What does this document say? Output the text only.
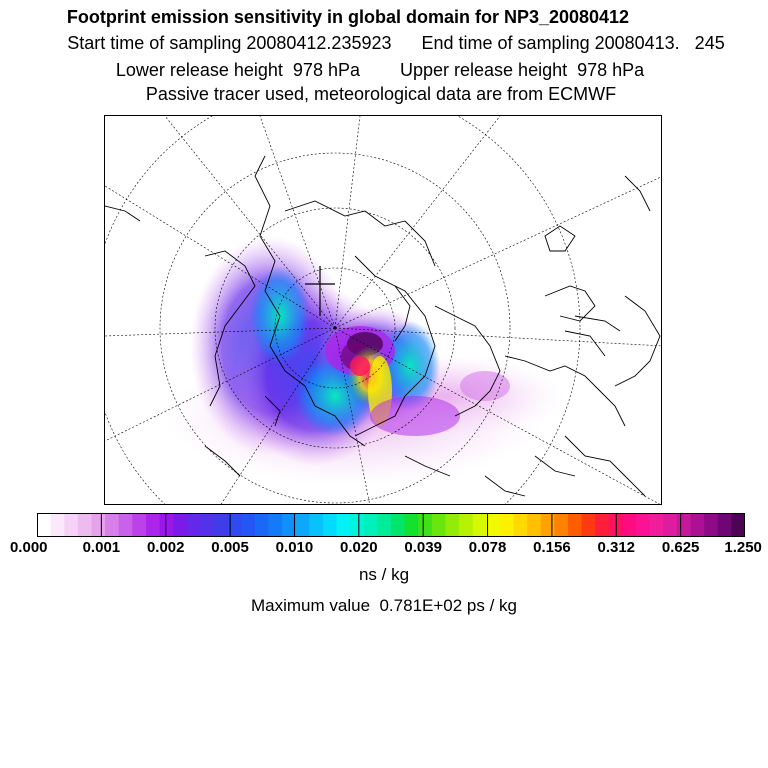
Footprint emission sensitivity in global domain for NP3_20080412
Start time of sampling 20080412.235923      End time of sampling 20080413.   245
Lower release height  978 hPa        Upper release height  978 hPa
Passive tracer used, meteorological data are from ECMWF
0.000 0.001 0.002 0.005 0.010 0.020 0.039 0.078 0.156 0.312 0.625 1.250
ns / kg
Maximum value  0.781E+02 ps / kg
